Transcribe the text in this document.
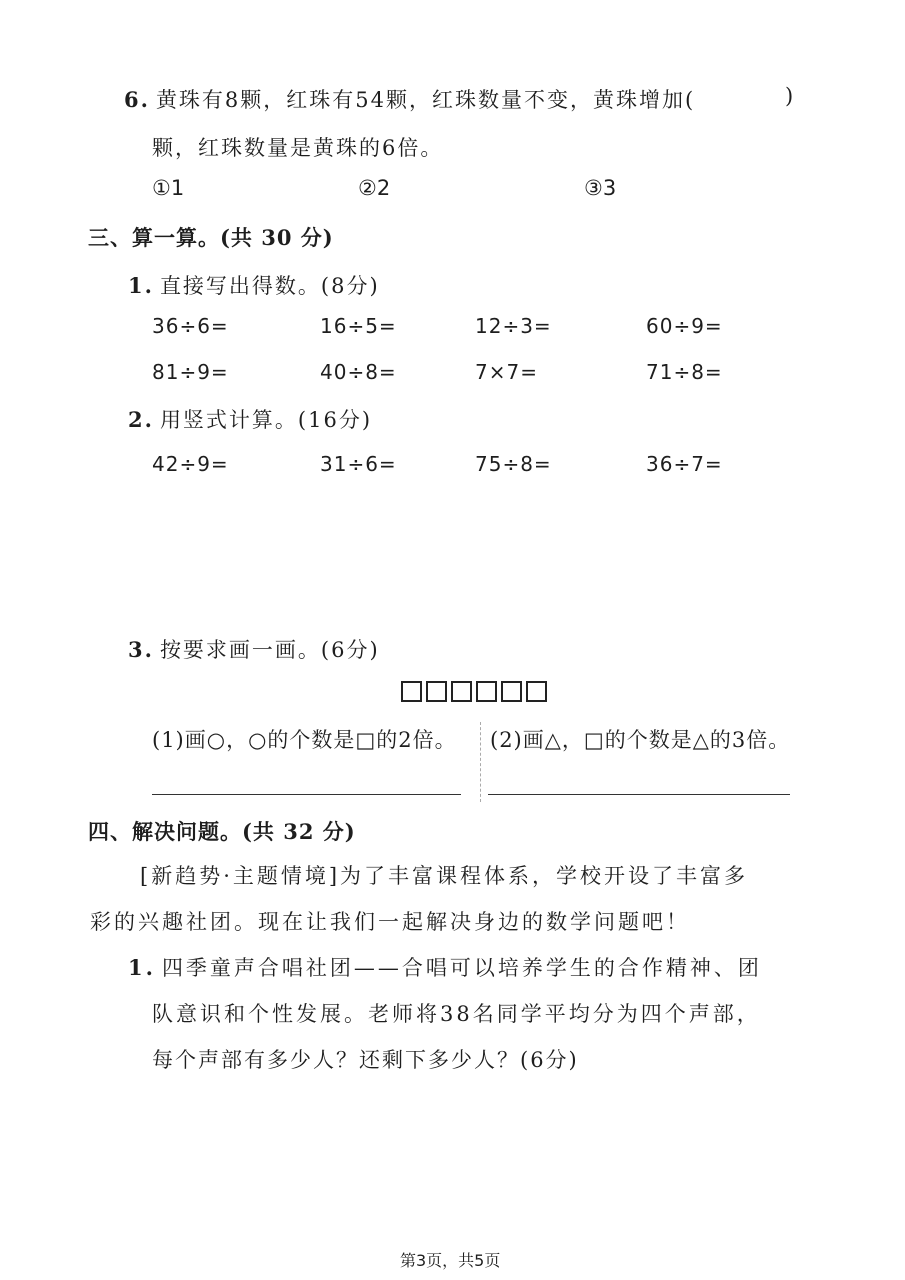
6. 黄珠有8颗，红珠有54颗，红珠数量不变，黄珠增加(	)
颗，红珠数量是黄珠的6倍。
①1	②2	③3
三、算一算。(共 30 分)
1. 直接写出得数。(8分)
36÷6=	16÷5=	12÷3=	60÷9=
81÷9=	40÷8=	7×7=	71÷8=
2. 用竖式计算。(16分)
42÷9=	31÷6=	75÷8=	36÷7=
3. 按要求画一画。(6分)
(1)画○，○的个数是□的2倍。 (2)画△，□的个数是△的3倍。
四、解决问题。(共 32 分)
[新趋势·主题情境]为了丰富课程体系，学校开设了丰富多
彩的兴趣社团。现在让我们一起解决身边的数学问题吧！
1. 四季童声合唱社团——合唱可以培养学生的合作精神、团
队意识和个性发展。老师将38名同学平均分为四个声部，
每个声部有多少人？还剩下多少人？(6分)
第3页，共5页
